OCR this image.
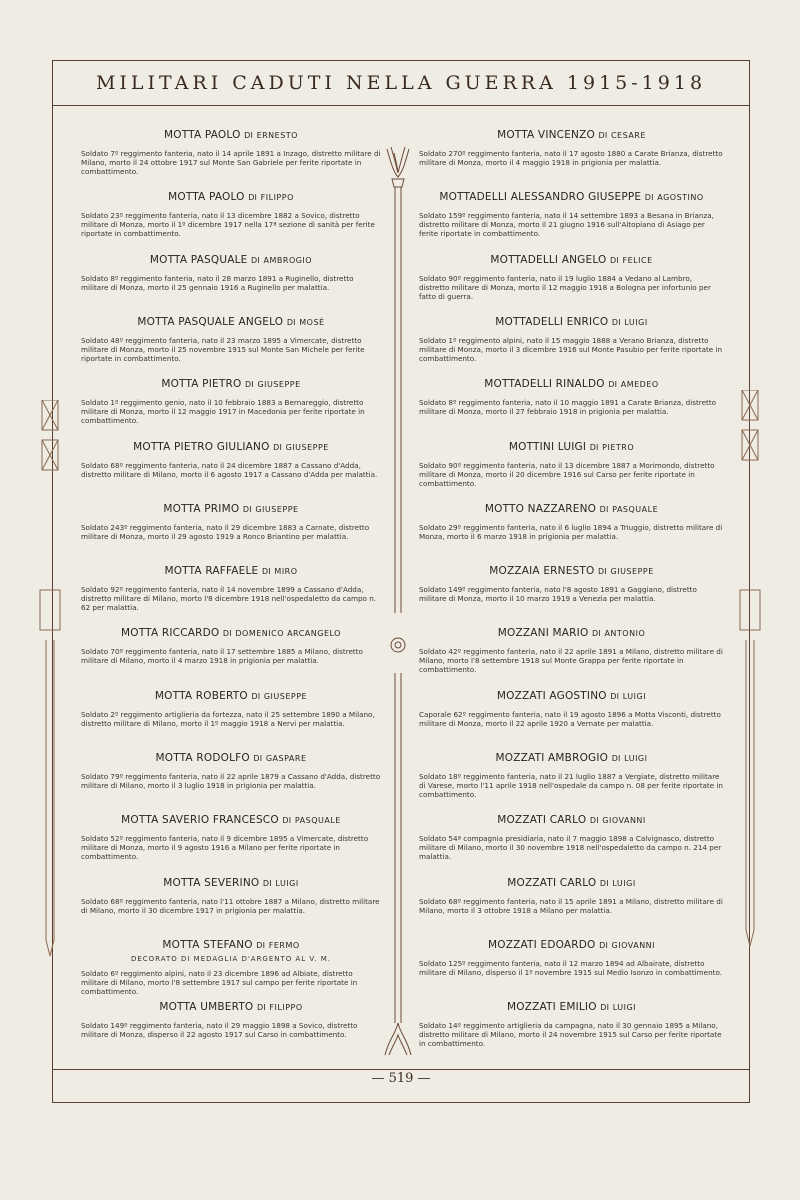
MILITARI CADUTI NELLA GUERRA 1915-1918
MOTTA PAOLO DI ERNESTO
Soldato 7º reggimento fanteria, nato il 14 aprile 1891 a Inzago, distretto militare di Milano, morto il 24 ottobre 1917 sul Monte San Gabriele per ferite riportate in combattimento.
MOTTA PAOLO DI FILIPPO
Soldato 23º reggimento fanteria, nato il 13 dicembre 1882 a Sovico, distretto militare di Monza, morto il 1º dicembre 1917 nella 17ª sezione di sanità per ferite riportate in combattimento.
MOTTA PASQUALE DI AMBROGIO
Soldato 8º reggimento fanteria, nato il 28 marzo 1891 a Ruginello, distretto militare di Monza, morto il 25 gennaio 1916 a Ruginello per malattia.
MOTTA PASQUALE ANGELO DI MOSÈ
Soldato 48º reggimento fanteria, nato il 23 marzo 1895 a Vimercate, distretto militare di Monza, morto il 25 novembre 1915 sul Monte San Michele per ferite riportate in combattimento.
MOTTA PIETRO DI GIUSEPPE
Soldato 1º reggimento genio, nato il 10 febbraio 1883 a Bernareggio, distretto militare di Monza, morto il 12 maggio 1917 in Macedonia per ferite riportate in combattimento.
MOTTA PIETRO GIULIANO DI GIUSEPPE
Soldato 68º reggimento fanteria, nato il 24 dicembre 1887 a Cassano d'Adda, distretto militare di Milano, morto il 6 agosto 1917 a Cassano d'Adda per malattia.
MOTTA PRIMO DI GIUSEPPE
Soldato 243º reggimento fanteria, nato il 29 dicembre 1883 a Carnate, distretto militare di Monza, morto il 29 agosto 1919 a Ronco Briantino per malattia.
MOTTA RAFFAELE DI MIRO
Soldato 92º reggimento fanteria, nato il 14 novembre 1899 a Cassano d'Adda, distretto militare di Milano, morto l'8 dicembre 1918 nell'ospedaletto da campo n. 62 per malattia.
MOTTA RICCARDO DI DOMENICO ARCANGELO
Soldato 70º reggimento fanteria, nato il 17 settembre 1885 a Milano, distretto militare di Milano, morto il 4 marzo 1918 in prigionia per malattia.
MOTTA ROBERTO DI GIUSEPPE
Soldato 2º reggimento artiglieria da fortezza, nato il 25 settembre 1890 a Milano, distretto militare di Milano, morto il 1º maggio 1918 a Nervi per malattia.
MOTTA RODOLFO DI GASPARE
Soldato 79º reggimento fanteria, nato il 22 aprile 1879 a Cassano d'Adda, distretto militare di Milano, morto il 3 luglio 1918 in prigionia per malattia.
MOTTA SAVERIO FRANCESCO DI PASQUALE
Soldato 52º reggimento fanteria, nato il 9 dicembre 1895 a Vimercate, distretto militare di Monza, morto il 9 agosto 1916 a Milano per ferite riportate in combattimento.
MOTTA SEVERINO DI LUIGI
Soldato 68º reggimento fanteria, nato l'11 ottobre 1887 a Milano, distretto militare di Milano, morto il 30 dicembre 1917 in prigionia per malattia.
MOTTA STEFANO DI FERMO
DECORATO DI MEDAGLIA D'ARGENTO AL V. M.
Soldato 6º reggimento alpini, nato il 23 dicembre 1896 ad Albiate, distretto militare di Milano, morto l'8 settembre 1917 sul campo per ferite riportate in combattimento.
MOTTA UMBERTO DI FILIPPO
Soldato 149º reggimento fanteria, nato il 29 maggio 1898 a Sovico, distretto militare di Monza, disperso il 22 agosto 1917 sul Carso in combattimento.
MOTTA VINCENZO DI CESARE
Soldato 270º reggimento fanteria, nato il 17 agosto 1880 a Carate Brianza, distretto militare di Monza, morto il 4 maggio 1918 in prigionia per malattia.
MOTTADELLI ALESSANDRO GIUSEPPE DI AGOSTINO
Soldato 159º reggimento fanteria, nato il 14 settembre 1893 a Besana in Brianza, distretto militare di Monza, morto il 21 giugno 1916 sull'Altopiano di Asiago per ferite riportate in combattimento.
MOTTADELLI ANGELO DI FELICE
Soldato 90º reggimento fanteria, nato il 19 luglio 1884 a Vedano al Lambro, distretto militare di Monza, morto il 12 maggio 1918 a Bologna per infortunio per fatto di guerra.
MOTTADELLI ENRICO DI LUIGI
Soldato 1º reggimento alpini, nato il 15 maggio 1888 a Verano Brianza, distretto militare di Monza, morto il 3 dicembre 1916 sul Monte Pasubio per ferite riportate in combattimento.
MOTTADELLI RINALDO DI AMEDEO
Soldato 8º reggimento fanteria, nato il 10 maggio 1891 a Carate Brianza, distretto militare di Monza, morto il 27 febbraio 1918 in prigionia per malattia.
MOTTINI LUIGI DI PIETRO
Soldato 90º reggimento fanteria, nato il 13 dicembre 1887 a Morimondo, distretto militare di Monza, morto il 20 dicembre 1916 sul Carso per ferite riportate in combattimento.
MOTTO NAZZARENO DI PASQUALE
Soldato 29º reggimento fanteria, nato il 6 luglio 1894 a Triuggio, distretto militare di Monza, morto il 6 marzo 1918 in prigionia per malattia.
MOZZAIA ERNESTO DI GIUSEPPE
Soldato 149º reggimento fanteria, nato l'8 agosto 1891 a Gaggiano, distretto militare di Monza, morto il 10 marzo 1919 a Venezia per malattia.
MOZZANI MARIO DI ANTONIO
Soldato 42º reggimento fanteria, nato il 22 aprile 1891 a Milano, distretto militare di Milano, morto l'8 settembre 1918 sul Monte Grappa per ferite riportate in combattimento.
MOZZATI AGOSTINO DI LUIGI
Caporale 62º reggimento fanteria, nato il 19 agosto 1896 a Motta Visconti, distretto militare di Monza, morto il 22 aprile 1920 a Vernate per malattia.
MOZZATI AMBROGIO DI LUIGI
Soldato 18º reggimento fanteria, nato il 21 luglio 1887 a Vergiate, distretto militare di Varese, morto l'11 aprile 1918 nell'ospedale da campo n. 08 per ferite riportate in combattimento.
MOZZATI CARLO DI GIOVANNI
Soldato 54ª compagnia presidiaria, nato il 7 maggio 1898 a Calvignasco, distretto militare di Milano, morto il 30 novembre 1918 nell'ospedaletto da campo n. 214 per malattia.
MOZZATI CARLO DI LUIGI
Soldato 68º reggimento fanteria, nato il 15 aprile 1891 a Milano, distretto militare di Milano, morto il 3 ottobre 1918 a Milano per malattia.
MOZZATI EDOARDO DI GIOVANNI
Soldato 125º reggimento fanteria, nato il 12 marzo 1894 ad Albairate, distretto militare di Milano, disperso il 1º novembre 1915 sul Medio Isonzo in combattimento.
MOZZATI EMILIO DI LUIGI
Soldato 14º reggimento artiglieria da campagna, nato il 30 gennaio 1895 a Milano, distretto militare di Milano, morto il 24 novembre 1915 sul Carso per ferite riportate in combattimento.
— 519 —
